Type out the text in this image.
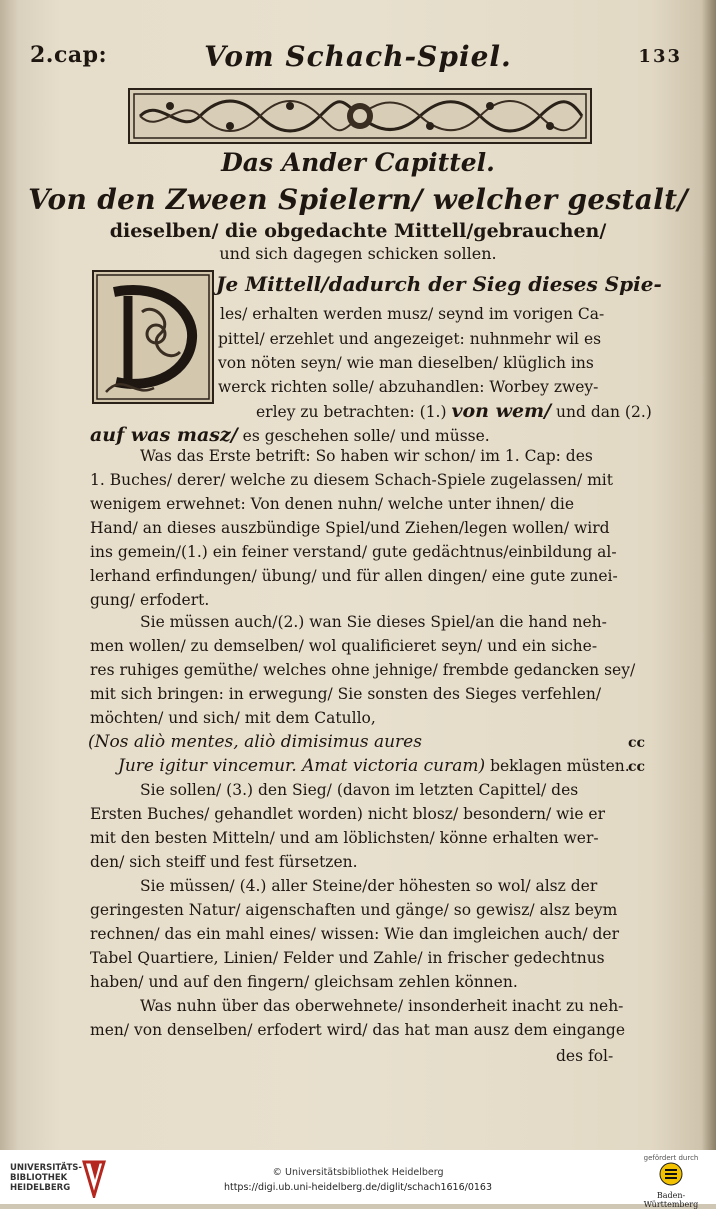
2.cap:	Vom Schach-Spiel.	133
Das Ander Capittel.
Von den Zween Spielern/ welcher gestalt/
dieselben/ die obgedachte Mittell/gebrauchen/
und sich dagegen schicken sollen.
Je Mittell/dadurch der Sieg dieses Spie-
les/ erhalten werden musz/ seynd im vorigen Ca-
pittel/ erzehlet und angezeiget: nuhnmehr wil es
von nöten seyn/ wie man dieselben/ klüglich ins
werck richten solle/ abzuhandlen: Worbey zwey-
erley zu betrachten: (1.) von wem/ und dan (2.)
auf was masz/ es geschehen solle/ und müsse.
Was das Erste betrift: So haben wir schon/ im 1. Cap: des
1. Buches/ derer/ welche zu diesem Schach-Spiele zugelassen/ mit
wenigem erwehnet: Von denen nuhn/ welche unter ihnen/ die
Hand/ an dieses auszbündige Spiel/und Ziehen/legen wollen/ wird
ins gemein/(1.) ein feiner verstand/ gute gedächtnus/einbildung al-
lerhand erfindungen/ übung/ und für allen dingen/ eine gute zunei-
gung/ erfodert.
Sie müssen auch/(2.) wan Sie dieses Spiel/an die hand neh-
men wollen/ zu demselben/ wol qualificieret seyn/ und ein siche-
res ruhiges gemüthe/ welches ohne jehnige/ frembde gedancken sey/
mit sich bringen: in erwegung/ Sie sonsten des Sieges verfehlen/
möchten/ und sich/ mit dem Catullo,
(Nos aliò mentes, aliò dimisimus aures	cc
Jure igitur vincemur. Amat victoria curam) beklagen müsten.
cc
Sie sollen/ (3.) den Sieg/ (davon im letzten Capittel/ des
Ersten Buches/ gehandlet worden) nicht blosz/ besondern/ wie er
mit den besten Mitteln/ und am löblichsten/ könne erhalten wer-
den/ sich steiff und fest fürsetzen.
Sie müssen/ (4.) aller Steine/der höhesten so wol/ alsz der
geringesten Natur/ aigenschaften und gänge/ so gewisz/ alsz beym
rechnen/ das ein mahl eines/ wissen: Wie dan imgleichen auch/ der
Tabel Quartiere, Linien/ Felder und Zahle/ in frischer gedechtnus
haben/ und auf den fingern/ gleichsam zehlen können.
Was nuhn über das oberwehnete/ insonderheit inacht zu neh-
men/ von denselben/ erfodert wird/ das hat man ausz dem eingange
des fol-
UNIVERSITÄTS-
BIBLIOTHEK
HEIDELBERG
© Universitätsbibliothek Heidelberg
https://digi.ub.uni-heidelberg.de/diglit/schach1616/0163
gefördert durch
Baden-Württemberg
